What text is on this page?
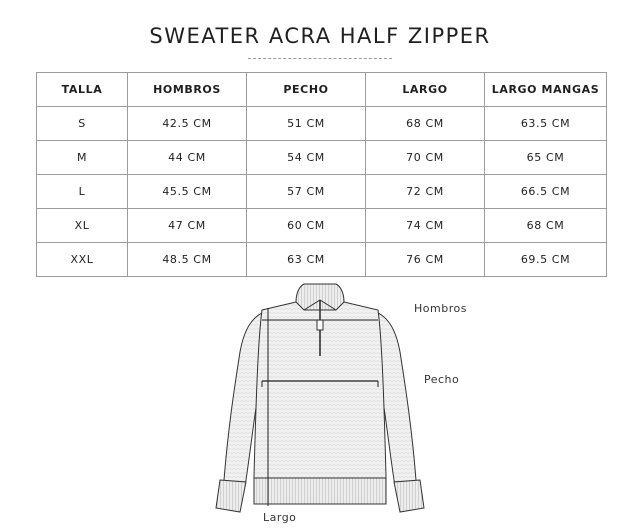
SWEATER ACRA HALF ZIPPER
TALLA	HOMBROS	PECHO	LARGO	LARGO MANGAS
S	42.5 CM	51 CM	68 CM	63.5 CM
M	44 CM	54 CM	70 CM	65 CM
L	45.5 CM	57 CM	72 CM	66.5 CM
XL	47 CM	60 CM	74 CM	68 CM
XXL	48.5 CM	63 CM	76 CM	69.5 CM
Hombros
Pecho
Largo
